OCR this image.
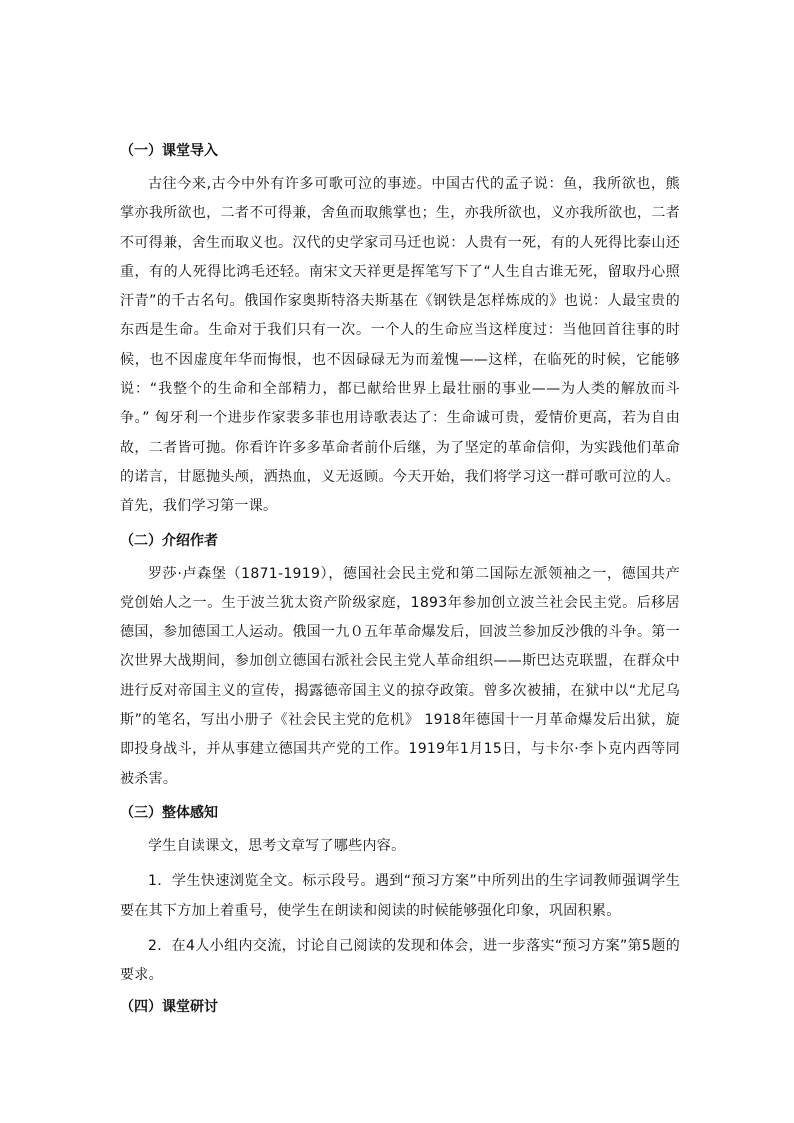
（一）课堂导入

古往今来,古今中外有许多可歌可泣的事迹。中国古代的孟子说：鱼，我所欲也，熊掌亦我所欲也，二者不可得兼，舍鱼而取熊掌也；生，亦我所欲也，义亦我所欲也，二者不可得兼，舍生而取义也。汉代的史学家司马迁也说：人贵有一死，有的人死得比泰山还重，有的人死得比鸿毛还轻。南宋文天祥更是挥笔写下了“人生自古谁无死，留取丹心照汗青”的千古名句。俄国作家奥斯特洛夫斯基在《钢铁是怎样炼成的》也说：人最宝贵的东西是生命。生命对于我们只有一次。一个人的生命应当这样度过：当他回首往事的时候，也不因虚度年华而悔恨，也不因碌碌无为而羞愧——这样，在临死的时候，它能够说：“我整个的生命和全部精力，都已献给世界上最壮丽的事业——为人类的解放而斗争。” 匈牙利一个进步作家裴多菲也用诗歌表达了：生命诚可贵，爱情价更高，若为自由故，二者皆可抛。你看许许多多革命者前仆后继，为了坚定的革命信仰，为实践他们革命的诺言，甘愿抛头颅，洒热血，义无返顾。今天开始，我们将学习这一群可歌可泣的人。首先，我们学习第一课。

（二）介绍作者

罗莎·卢森堡（1871-1919），德国社会民主党和第二国际左派领袖之一，德国共产党创始人之一。生于波兰犹太资产阶级家庭，1893年参加创立波兰社会民主党。后移居德国，参加德国工人运动。俄国一九０五年革命爆发后，回波兰参加反沙俄的斗争。第一次世界大战期间，参加创立德国右派社会民主党人革命组织——斯巴达克联盟，在群众中进行反对帝国主义的宣传，揭露德帝国主义的掠夺政策。曾多次被捕，在狱中以“尤尼乌斯”的笔名，写出小册子《社会民主党的危机》 1918年德国十一月革命爆发后出狱，旋即投身战斗，并从事建立德国共产党的工作。1919年1月15日，与卡尔·李卜克内西等同被杀害。

（三）整体感知

学生自读课文，思考文章写了哪些内容。

1．学生快速浏览全文。标示段号。遇到“预习方案”中所列出的生字词教师强调学生要在其下方加上着重号，使学生在朗读和阅读的时候能够强化印象，巩固积累。

2．在4人小组内交流，讨论自己阅读的发现和体会，进一步落实“预习方案”第5题的要求。

（四）课堂研讨
